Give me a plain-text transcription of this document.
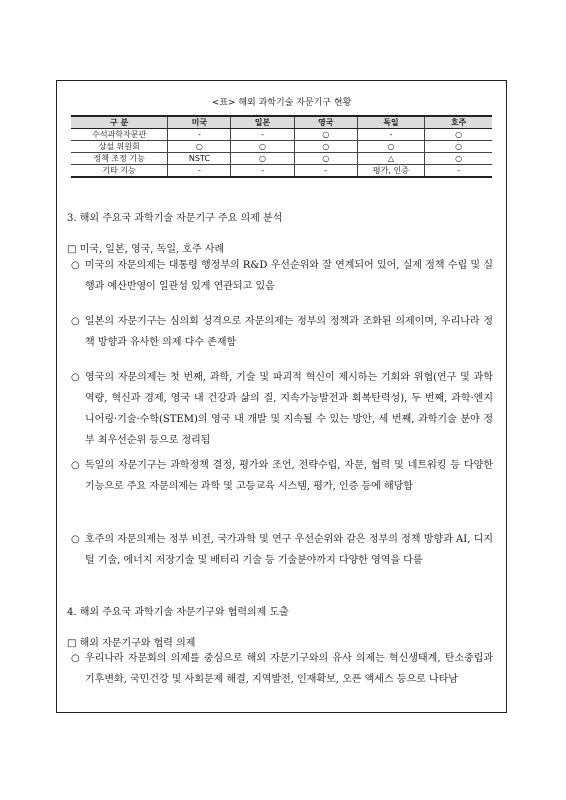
<표> 해외 과학기술 자문기구 현황
구 분	미국	일본	영국	독일	호주
수석과학자문관	-	-	○	-	○
상설 위원회	○	○	○	○	○
정책 조정 기능	NSTC	○	○	△	○
기타 기능	-	-	-	평가, 인증	-
3. 해외 주요국 과학기술 자문기구 주요 의제 분석
□ 미국, 일본, 영국, 독일, 호주 사례
○ 미국의 자문의제는 대통령 행정부의 R&D 우선순위와 잘 연계되어 있어, 실제 정책 수립 및 실행과 예산반영이 일관성 있게 연관되고 있음
○ 일본의 자문기구는 심의회 성격으로 자문의제는 정부의 정책과 조화된 의제이며, 우리나라 정책 방향과 유사한 의제 다수 존재함
○ 영국의 자문의제는 첫 번째, 과학, 기술 및 파괴적 혁신이 제시하는 기회와 위협(연구 및 과학 역량, 혁신과 경제, 영국 내 건강과 삶의 질, 지속가능발전과 회복탄력성), 두 번째, 과학·엔지니어링·기술·수학(STEM)의 영국 내 개발 및 지속될 수 있는 방안, 세 번째, 과학기술 분야 정부 최우선순위 등으로 정리됨
○ 독일의 자문기구는 과학정책 결정, 평가와 조언, 전략수립, 자문, 협력 및 네트워킹 등 다양한 기능으로 주요 자문의제는 과학 및 고등교육 시스템, 평가, 인증 등에 해당함
○ 호주의 자문의제는 정부 비전, 국가과학 및 연구 우선순위와 같은 정부의 정책 방향과 AI, 디지털 기술, 에너지 저장기술 및 배터리 기술 등 기술분야까지 다양한 영역을 다룸
4. 해외 주요국 과학기술 자문기구와 협력의제 도출
□ 해외 자문기구와 협력 의제
○ 우리나라 자문회의 의제를 중심으로 해외 자문기구와의 유사 의제는 혁신생태계, 탄소중립과 기후변화, 국민건강 및 사회문제 해결, 지역발전, 인재확보, 오픈 액세스 등으로 나타남
